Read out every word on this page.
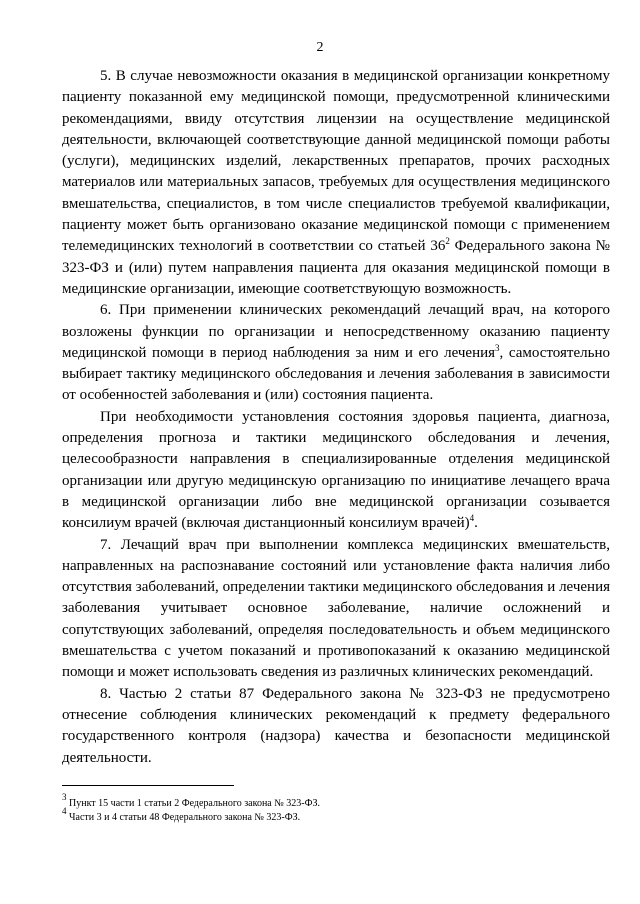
2

5. В случае невозможности оказания в медицинской организации конкретному пациенту показанной ему медицинской помощи, предусмотренной клиническими рекомендациями, ввиду отсутствия лицензии на осуществление медицинской деятельности, включающей соответствующие данной медицинской помощи работы (услуги), медицинских изделий, лекарственных препаратов, прочих расходных материалов или материальных запасов, требуемых для осуществления медицинского вмешательства, специалистов, в том числе специалистов требуемой квалификации, пациенту может быть организовано оказание медицинской помощи с применением телемедицинских технологий в соответствии со статьей $36^2$ Федерального закона № 323-ФЗ и (или) путем направления пациента для оказания медицинской помощи в медицинские организации, имеющие соответствующую возможность.

6. При применении клинических рекомендаций лечащий врач, на которого возложены функции по организации и непосредственному оказанию пациенту медицинской помощи в период наблюдения за ним и его лечения$^3$, самостоятельно выбирает тактику медицинского обследования и лечения заболевания в зависимости от особенностей заболевания и (или) состояния пациента.

При необходимости установления состояния здоровья пациента, диагноза, определения прогноза и тактики медицинского обследования и лечения, целесообразности направления в специализированные отделения медицинской организации или другую медицинскую организацию по инициативе лечащего врача в медицинской организации либо вне медицинской организации созывается консилиум врачей (включая дистанционный консилиум врачей)$^4$.

7. Лечащий врач при выполнении комплекса медицинских вмешательств, направленных на распознавание состояний или установление факта наличия либо отсутствия заболеваний, определении тактики медицинского обследования и лечения заболевания учитывает основное заболевание, наличие осложнений и сопутствующих заболеваний, определяя последовательность и объем медицинского вмешательства с учетом показаний и противопоказаний к оказанию медицинской помощи и может использовать сведения из различных клинических рекомендаций.

8. Частью 2 статьи 87 Федерального закона № 323-ФЗ не предусмотрено отнесение соблюдения клинических рекомендаций к предмету федерального государственного контроля (надзора) качества и безопасности медицинской деятельности.

$^3$ Пункт 15 части 1 статьи 2 Федерального закона № 323-ФЗ.
$^4$ Части 3 и 4 статьи 48 Федерального закона № 323-ФЗ.
